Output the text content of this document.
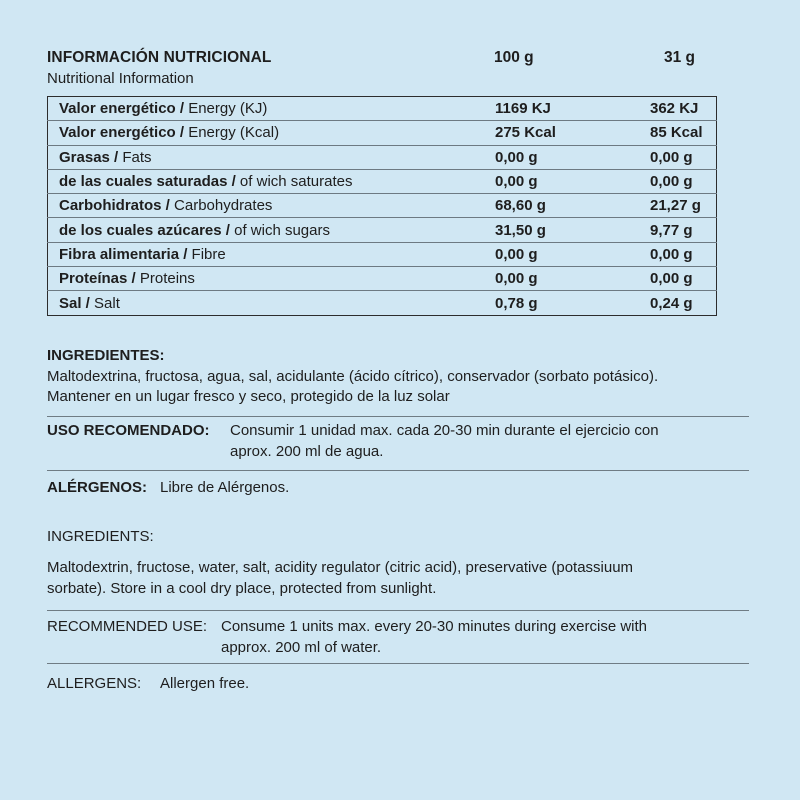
INFORMACIÓN NUTRICIONAL
Nutritional Information
100 g	31 g
Valor energético / Energy (KJ)	1169 KJ	362 KJ
Valor energético / Energy (Kcal)	275 Kcal	85 Kcal
Grasas / Fats	0,00 g	0,00 g
de las cuales saturadas / of wich saturates	0,00 g	0,00 g
Carbohidratos / Carbohydrates	68,60 g	21,27 g
de los cuales azúcares / of wich sugars	31,50 g	9,77 g
Fibra alimentaria / Fibre	0,00 g	0,00 g
Proteínas / Proteins	0,00 g	0,00 g
Sal / Salt	0,78 g	0,24 g
INGREDIENTES:
Maltodextrina, fructosa, agua, sal, acidulante (ácido cítrico), conservador (sorbato potásico).
Mantener en un lugar fresco y seco, protegido de la luz solar
USO RECOMENDADO: Consumir 1 unidad max. cada 20-30 min durante el ejercicio con
aprox. 200 ml de agua.
ALÉRGENOS: Libre de Alérgenos.
INGREDIENTS:
Maltodextrin, fructose, water, salt, acidity regulator (citric acid), preservative (potassiuum
sorbate). Store in a cool dry place, protected from sunlight.
RECOMMENDED USE: Consume 1 units max. every 20-30 minutes during exercise with
approx. 200 ml of water.
ALLERGENS: Allergen free.
